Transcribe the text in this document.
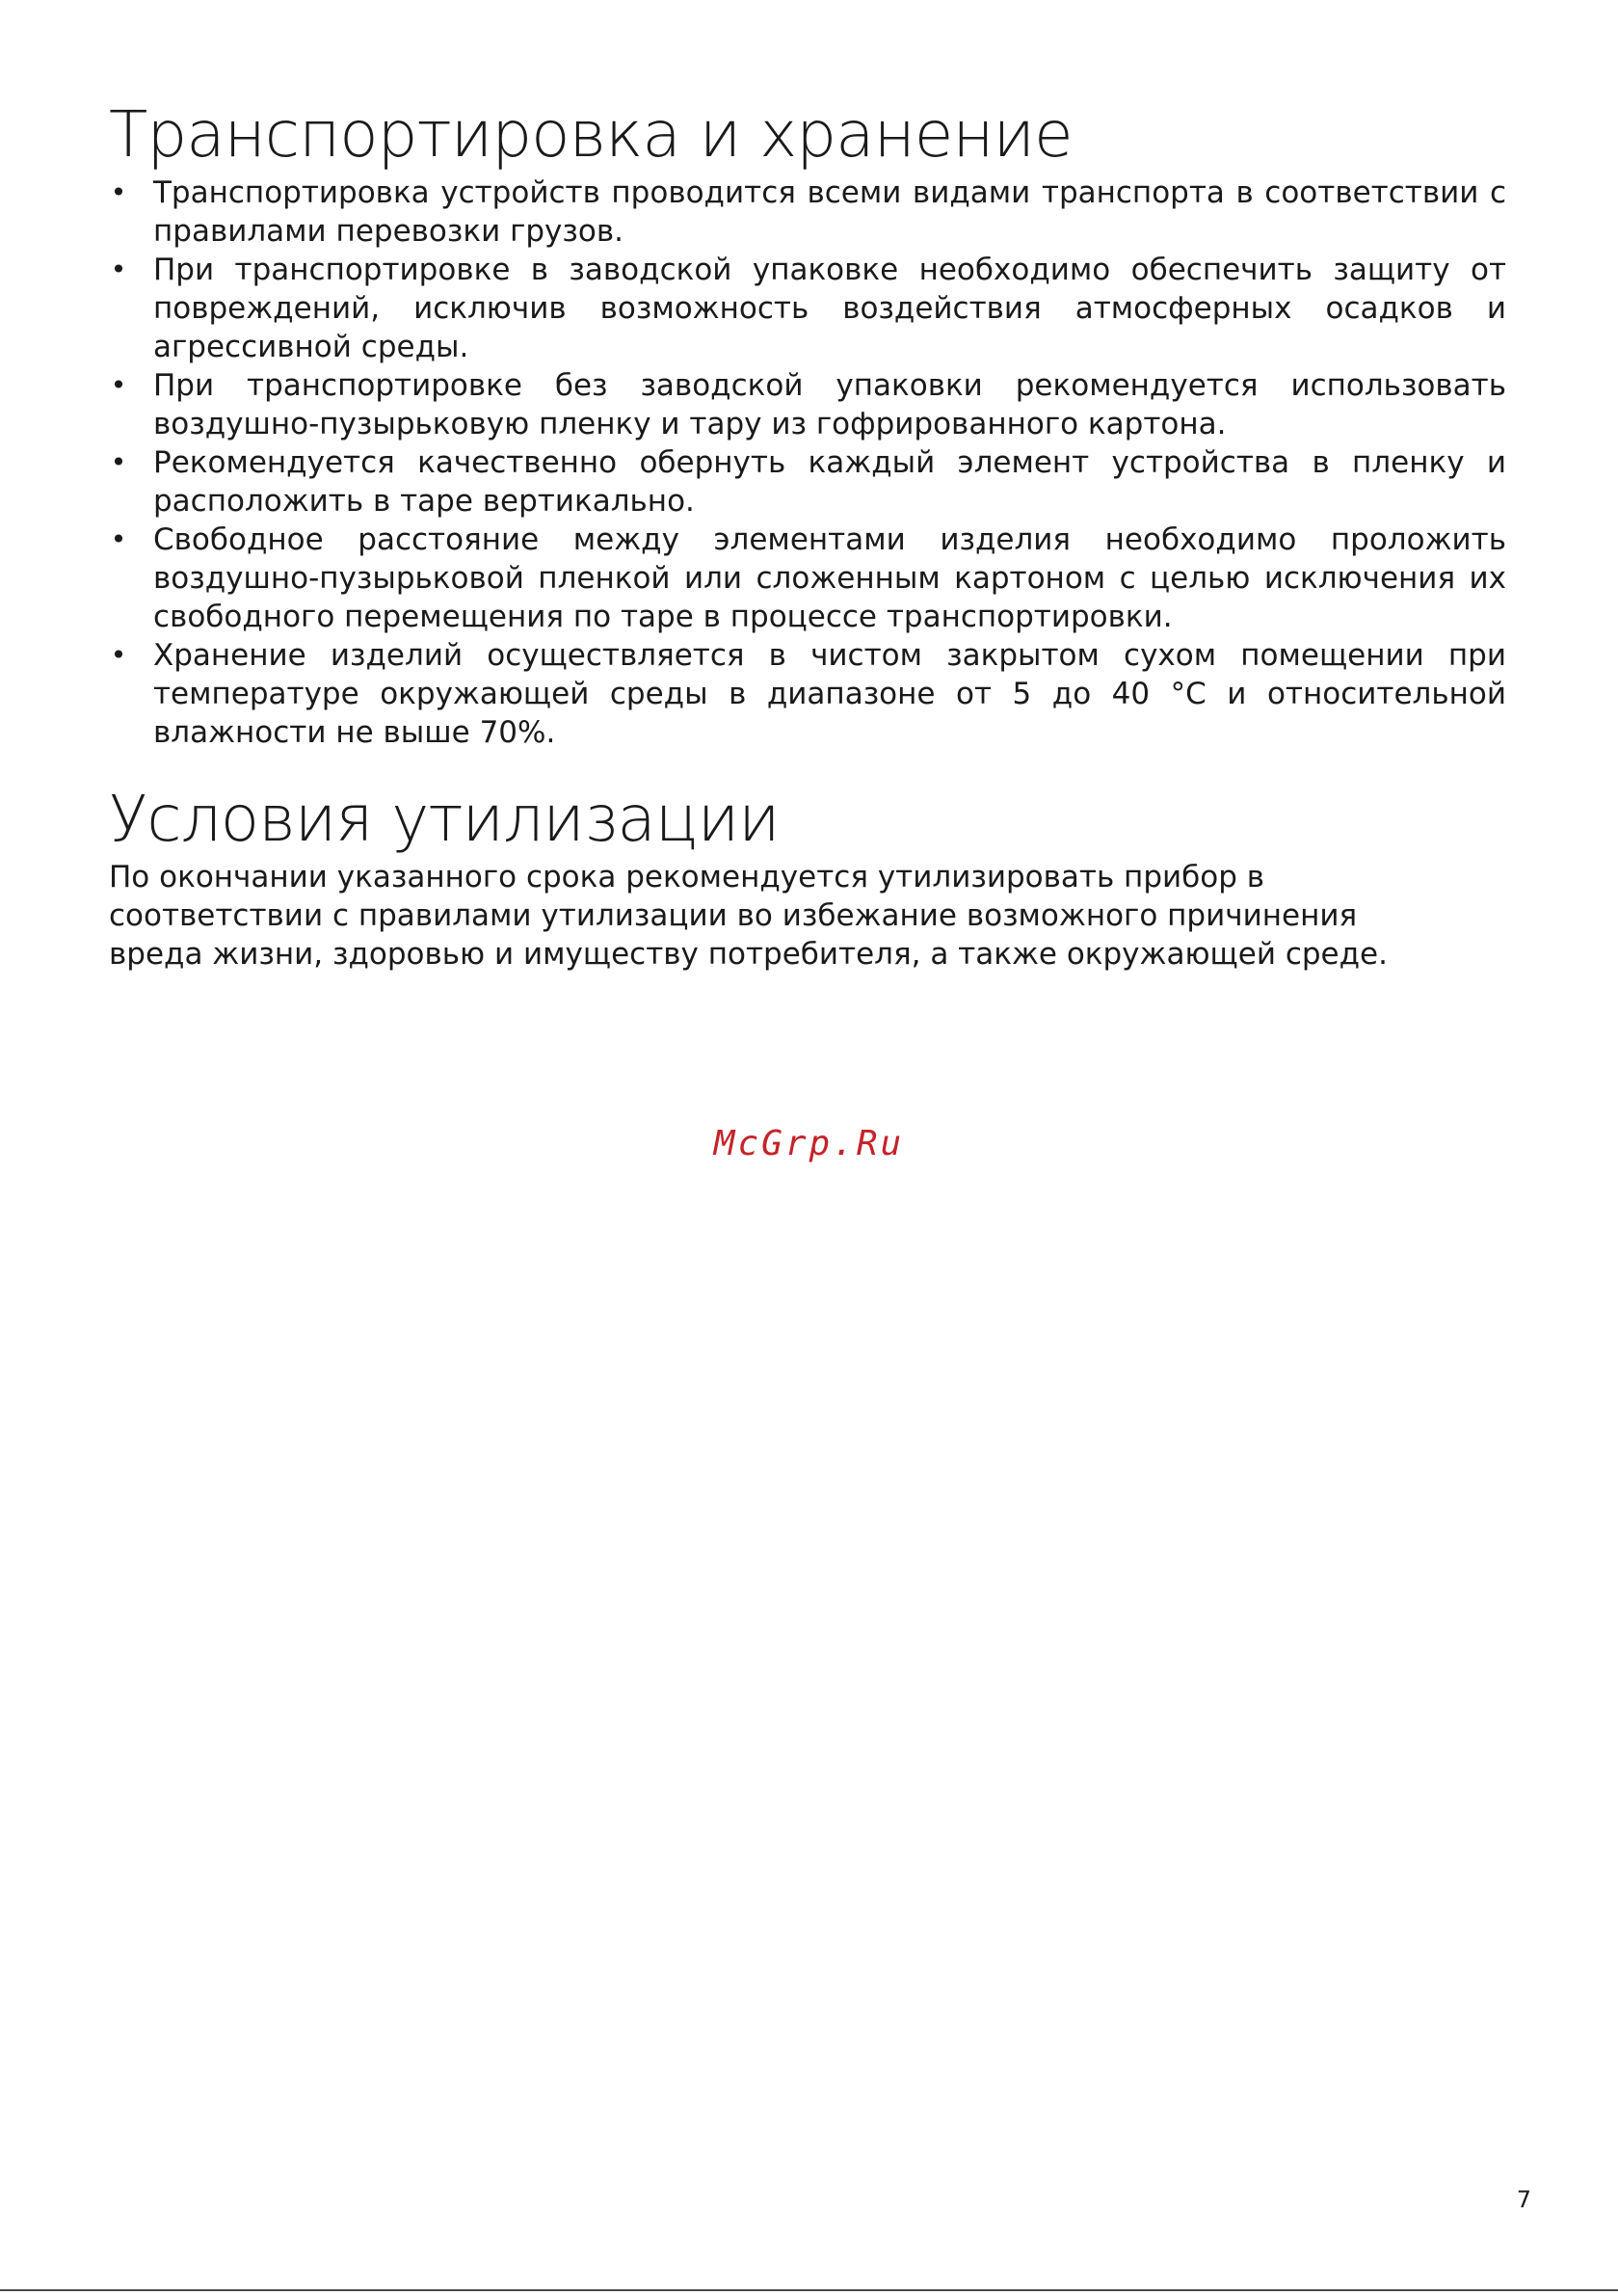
Транспортировка и хранение
• Транспортировка устройств проводится всеми видами транспорта в соответствии с правилами перевозки грузов.
• При транспортировке в заводской упаковке необходимо обеспечить защиту от повреждений, исключив возможность воздействия атмосферных осадков и агрессивной среды.
• При транспортировке без заводской упаковки рекомендуется использовать воздушно-пузырьковую пленку и тару из гофрированного картона.
• Рекомендуется качественно обернуть каждый элемент устройства в пленку и расположить в таре вертикально.
• Свободное расстояние между элементами изделия необходимо проложить воздушно-пузырьковой пленкой или сложенным картоном с целью исключения их свободного перемещения по таре в процессе транспортировки.
• Хранение изделий осуществляется в чистом закрытом сухом помещении при температуре окружающей среды в диапазоне от 5 до 40 °С и относительной влажности не выше 70%.
Условия утилизации

По окончании указанного срока рекомендуется утилизировать прибор в соответствии с правилами утилизации во избежание возможного причинения вреда жизни, здоровью и имуществу потребителя, а также окружающей среде.

McGrp.Ru
7
